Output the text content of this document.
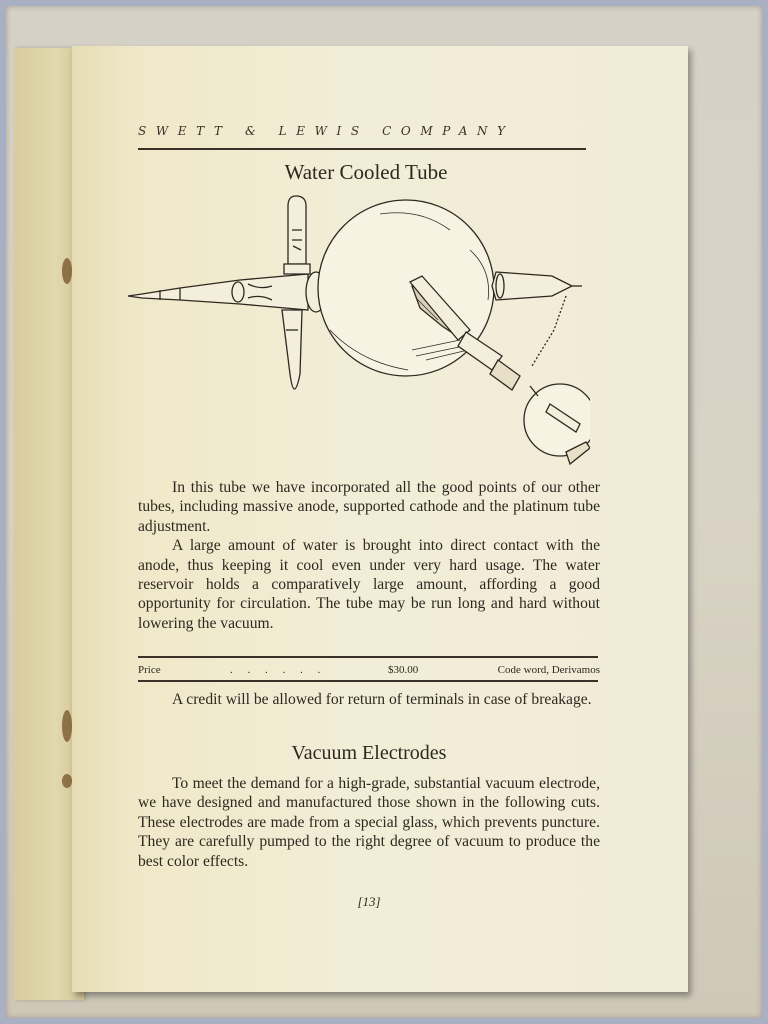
SWETT & LEWIS COMPANY
Water Cooled Tube

In this tube we have incorporated all the good points of our other tubes, including massive anode, supported cathode and the platinum tube adjustment.

A large amount of water is brought into direct contact with the anode, thus keeping it cool even under very hard usage. The water reservoir holds a comparatively large amount, affording a good opportunity for circulation. The tube may be run long and hard without lowering the vacuum.

Price	. . . . . .	$30.00	Code word, Derivamos

A credit will be allowed for return of terminals in case of breakage.

Vacuum Electrodes

To meet the demand for a high-grade, substantial vacuum electrode, we have designed and manufactured those shown in the following cuts. These electrodes are made from a special glass, which prevents puncture. They are carefully pumped to the right degree of vacuum to produce the best color effects.

[13]
